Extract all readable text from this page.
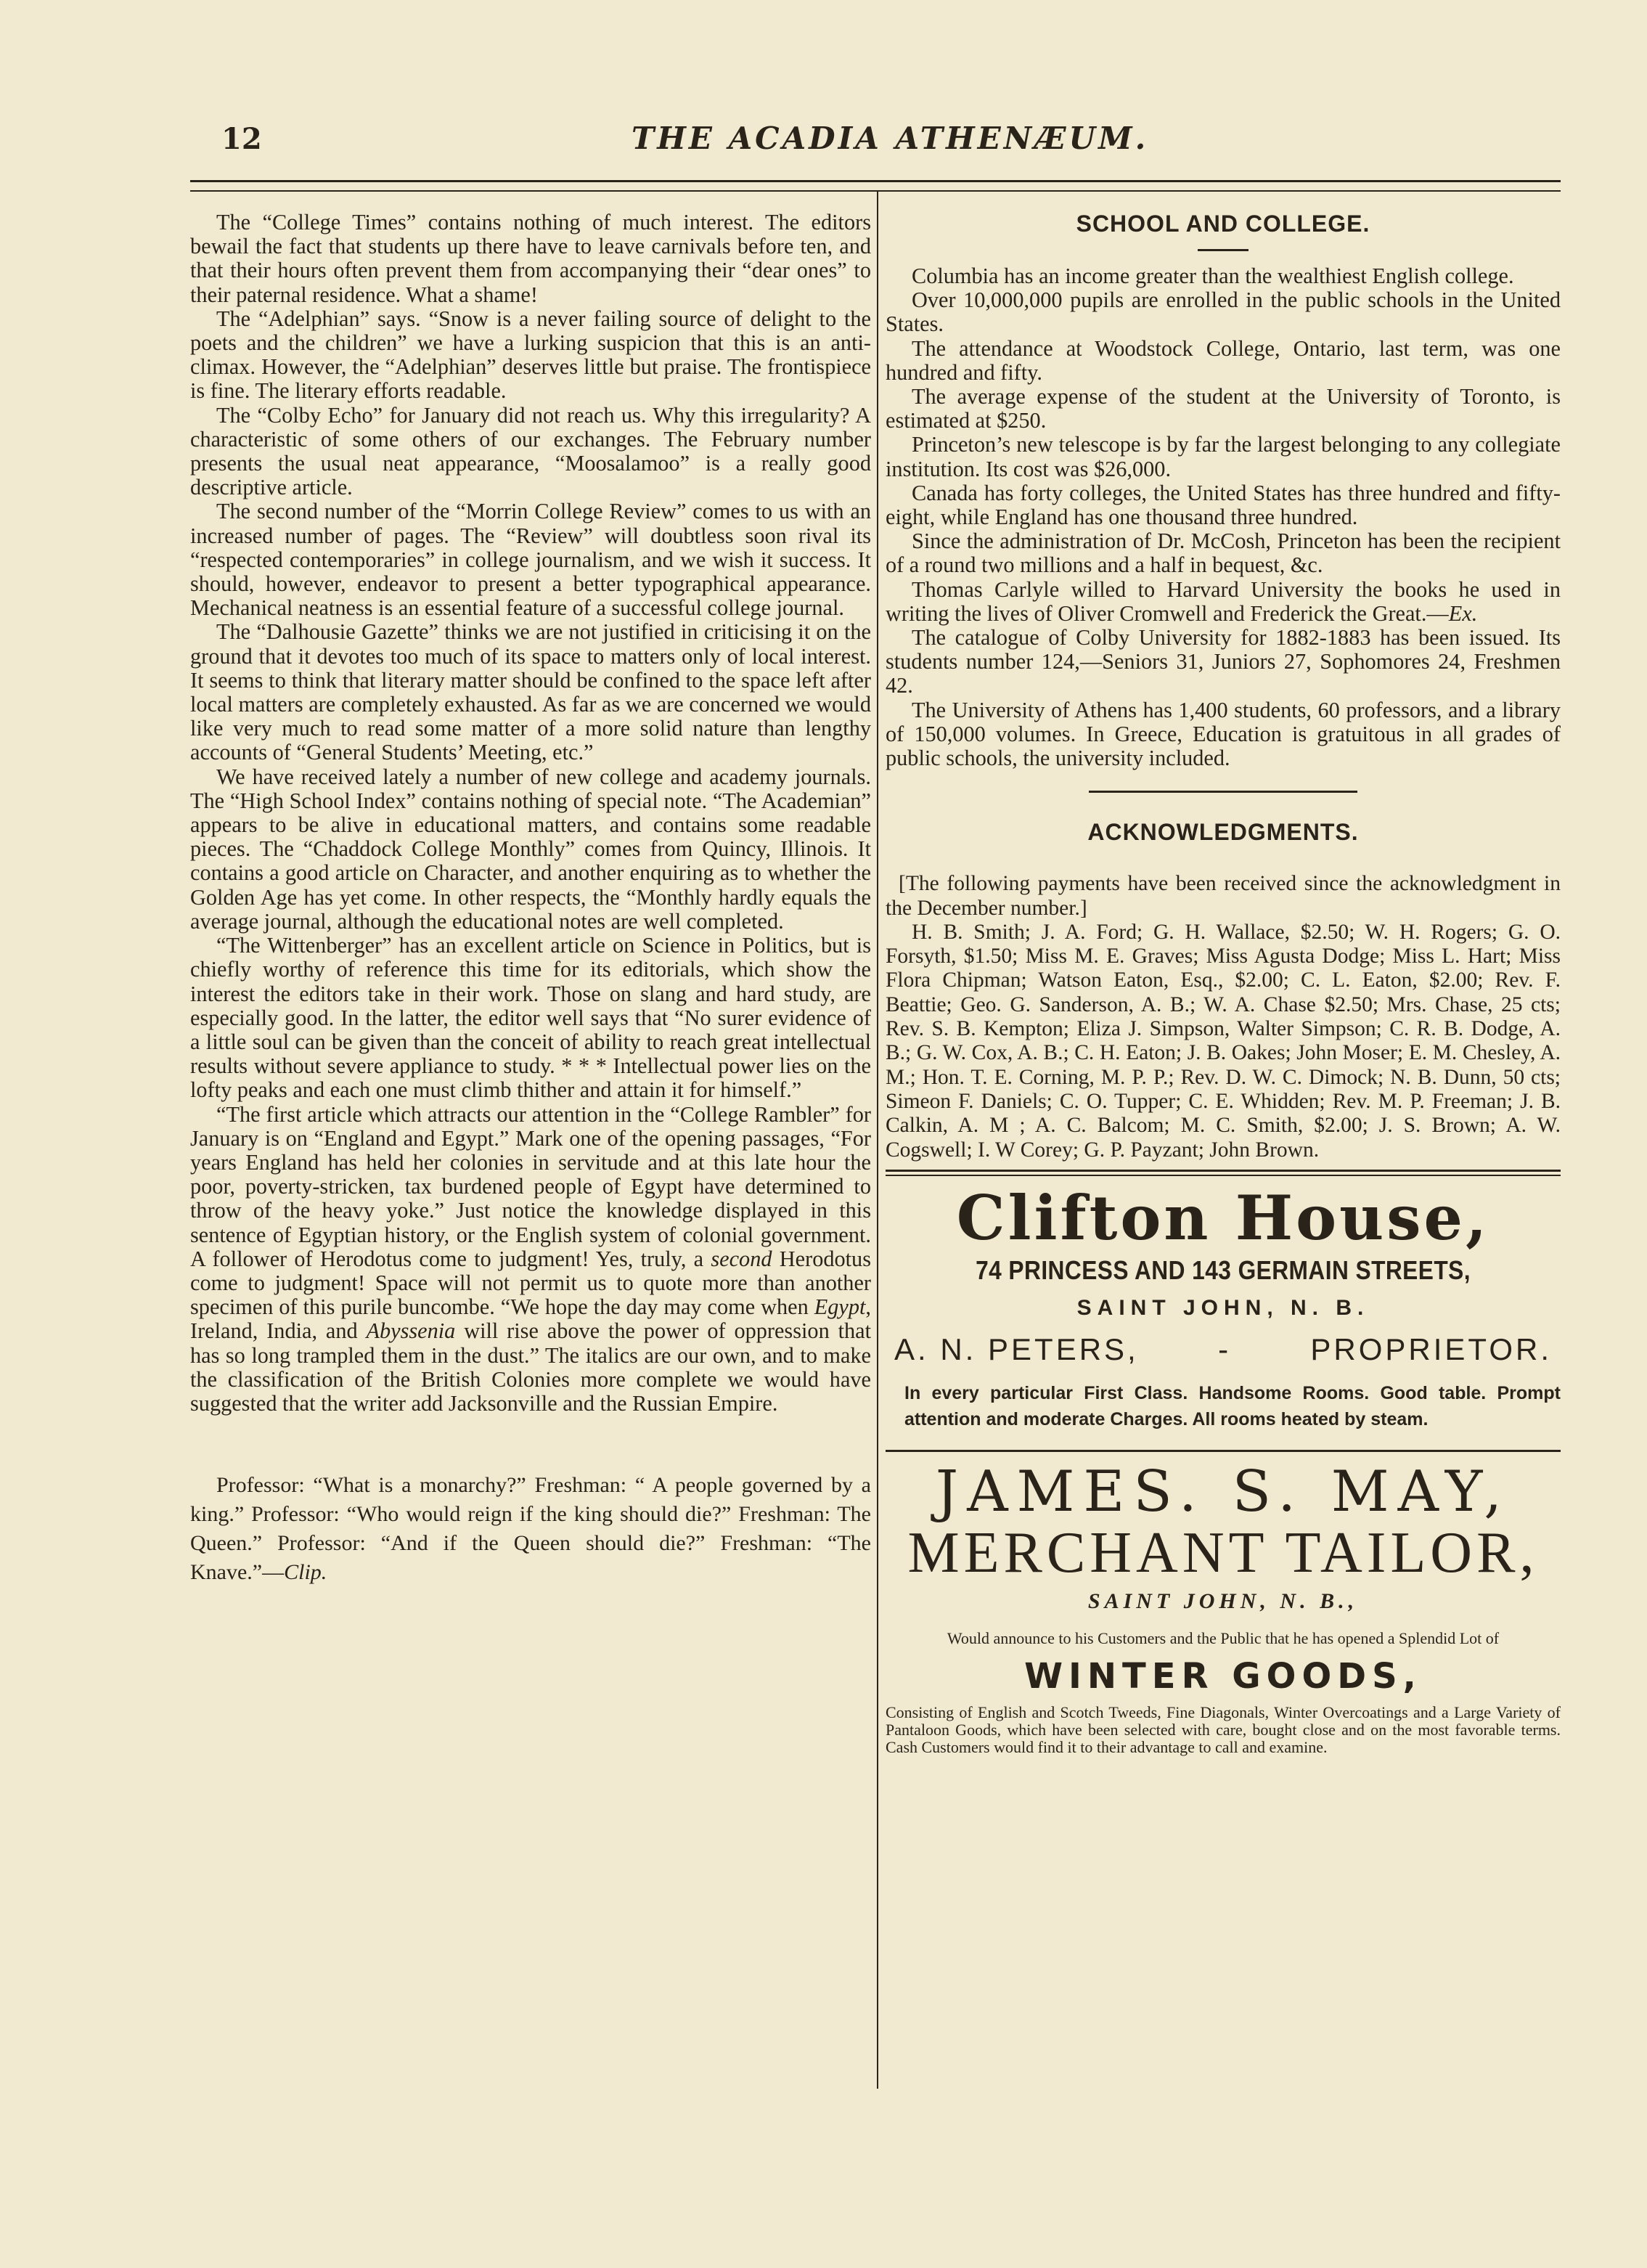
12	THE ACADIA ATHENÆUM.

The “College Times” contains nothing of much interest. The editors bewail the fact that students up there have to leave carnivals before ten, and that their hours often prevent them from accompanying their “dear ones” to their paternal residence. What a shame!

The “Adelphian” says. “Snow is a never failing source of delight to the poets and the children” we have a lurking suspicion that this is an anti-climax. However, the “Adelphian” deserves little but praise. The frontispiece is fine. The literary efforts readable.

The “Colby Echo” for January did not reach us. Why this irregularity? A characteristic of some others of our exchanges. The February number presents the usual neat appearance, “Moosalamoo” is a really good descriptive article.

The second number of the “Morrin College Review” comes to us with an increased number of pages. The “Review” will doubtless soon rival its “respected contemporaries” in college journalism, and we wish it success. It should, however, endeavor to present a better typographical appearance. Mechanical neatness is an essential feature of a successful college journal.

The “Dalhousie Gazette” thinks we are not justified in criticising it on the ground that it devotes too much of its space to matters only of local interest. It seems to think that literary matter should be confined to the space left after local matters are completely exhausted. As far as we are concerned we would like very much to read some matter of a more solid nature than lengthy accounts of “General Students’ Meeting, etc.”

We have received lately a number of new college and academy journals. The “High School Index” contains nothing of special note. “The Academian” appears to be alive in educational matters, and contains some readable pieces. The “Chaddock College Monthly” comes from Quincy, Illinois. It contains a good article on Character, and another enquiring as to whether the Golden Age has yet come. In other respects, the “Monthly hardly equals the average journal, although the educational notes are well completed.

“The Wittenberger” has an excellent article on Science in Politics, but is chiefly worthy of reference this time for its editorials, which show the interest the editors take in their work. Those on slang and hard study, are especially good. In the latter, the editor well says that “No surer evidence of a little soul can be given than the conceit of ability to reach great intellectual results without severe appliance to study. * * * Intellectual power lies on the lofty peaks and each one must climb thither and attain it for himself.”

“The first article which attracts our attention in the “College Rambler” for January is on “England and Egypt.” Mark one of the opening passages, “For years England has held her colonies in servitude and at this late hour the poor, poverty-stricken, tax burdened people of Egypt have determined to throw of the heavy yoke.” Just notice the knowledge displayed in this sentence of Egyptian history, or the English system of colonial government. A follower of Herodotus come to judgment! Yes, truly, a second Herodotus come to judgment! Space will not permit us to quote more than another specimen of this purile buncombe. “We hope the day may come when Egypt, Ireland, India, and Abyssenia will rise above the power of oppression that has so long trampled them in the dust.” The italics are our own, and to make the classification of the British Colonies more complete we would have suggested that the writer add Jacksonville and the Russian Empire.

Professor: “What is a monarchy?” Freshman: “ A people governed by a king.” Professor: “Who would reign if the king should die?” Freshman: The Queen.” Professor: “And if the Queen should die?” Freshman: “The Knave.”—Clip.

SCHOOL AND COLLEGE.

Columbia has an income greater than the wealthiest English college.

Over 10,000,000 pupils are enrolled in the public schools in the United States.

The attendance at Woodstock College, Ontario, last term, was one hundred and fifty.

The average expense of the student at the University of Toronto, is estimated at $250.

Princeton’s new telescope is by far the largest belonging to any collegiate institution. Its cost was $26,000.

Canada has forty colleges, the United States has three hundred and fifty-eight, while England has one thousand three hundred.

Since the administration of Dr. McCosh, Princeton has been the recipient of a round two millions and a half in bequest, &c.

Thomas Carlyle willed to Harvard University the books he used in writing the lives of Oliver Cromwell and Frederick the Great.—Ex.

The catalogue of Colby University for 1882-1883 has been issued. Its students number 124,—Seniors 31, Juniors 27, Sophomores 24, Freshmen 42.

The University of Athens has 1,400 students, 60 professors, and a library of 150,000 volumes. In Greece, Education is gratuitous in all grades of public schools, the university included.

ACKNOWLEDGMENTS.

[The following payments have been received since the acknowledgment in the December number.]

H. B. Smith; J. A. Ford; G. H. Wallace, $2.50; W. H. Rogers; G. O. Forsyth, $1.50; Miss M. E. Graves; Miss Agusta Dodge; Miss L. Hart; Miss Flora Chipman; Watson Eaton, Esq., $2.00; C. L. Eaton, $2.00; Rev. F. Beattie; Geo. G. Sanderson, A. B.; W. A. Chase $2.50; Mrs. Chase, 25 cts; Rev. S. B. Kempton; Eliza J. Simpson, Walter Simpson; C. R. B. Dodge, A. B.; G. W. Cox, A. B.; C. H. Eaton; J. B. Oakes; John Moser; E. M. Chesley, A. M.; Hon. T. E. Corning, M. P. P.; Rev. D. W. C. Dimock; N. B. Dunn, 50 cts; Simeon F. Daniels; C. O. Tupper; C. E. Whidden; Rev. M. P. Freeman; J. B. Calkin, A. M ; A. C. Balcom; M. C. Smith, $2.00; J. S. Brown; A. W. Cogswell; I. W Corey; G. P. Payzant; John Brown.

Clifton House,
74 PRINCESS AND 143 GERMAIN STREETS,
SAINT JOHN, N. B.
A. N. PETERS,	-	PROPRIETOR.
In every particular First Class. Handsome Rooms. Good table. Prompt attention and moderate Charges. All rooms heated by steam.
JAMES. S. MAY,
MERCHANT TAILOR,
SAINT JOHN, N. B.,
Would announce to his Customers and the Public that he has opened a Splendid Lot of
WINTER GOODS,
Consisting of English and Scotch Tweeds, Fine Diagonals, Winter Overcoatings and a Large Variety of Pantaloon Goods, which have been selected with care, bought close and on the most favorable terms. Cash Customers would find it to their advantage to call and examine.
